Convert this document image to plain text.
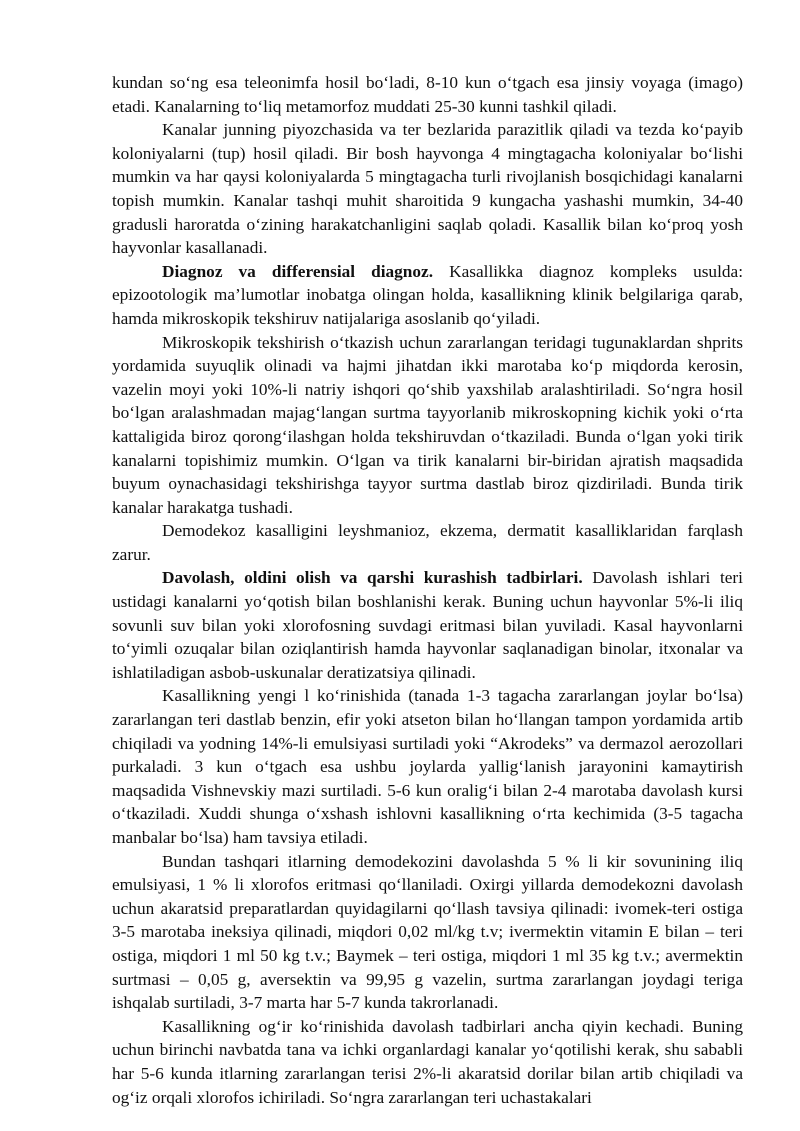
kundan so‘ng esa teleonimfa hosil bo‘ladi, 8-10 kun o‘tgach esa jinsiy voyaga (imago) etadi. Kanalarning to‘liq metamorfoz muddati 25-30 kunni tashkil qiladi.

Kanalar junning piyozchasida va ter bezlarida parazitlik qiladi va tezda ko‘payib koloniyalarni (tup) hosil qiladi. Bir bosh hayvonga 4 mingtagacha koloniyalar bo‘lishi mumkin va har qaysi koloniyalarda 5 mingtagacha turli rivojlanish bosqichidagi kanalarni topish mumkin. Kanalar tashqi muhit sharoitida 9 kungacha yashashi mumkin, 34-40 gradusli haroratda o‘zining harakatchanligini saqlab qoladi. Kasallik bilan ko‘proq yosh hayvonlar kasallanadi.

Diagnoz va differensial diagnoz. Kasallikka diagnoz kompleks usulda: epizootologik ma’lumotlar inobatga olingan holda, kasallikning klinik belgilariga qarab, hamda mikroskopik tekshiruv natijalariga asoslanib qo‘yiladi.

Mikroskopik tekshirish o‘tkazish uchun zararlangan teridagi tugunaklardan shprits yordamida suyuqlik olinadi va hajmi jihatdan ikki marotaba ko‘p miqdorda kerosin, vazelin moyi yoki 10%-li natriy ishqori qo‘shib yaxshilab aralashtiriladi. So‘ngra hosil bo‘lgan aralashmadan majag‘langan surtma tayyorlanib mikroskopning kichik yoki o‘rta kattaligida biroz qorong‘ilashgan holda tekshiruvdan o‘tkaziladi. Bunda o‘lgan yoki tirik kanalarni topishimiz mumkin. O‘lgan va tirik kanalarni bir-biridan ajratish maqsadida buyum oynachasidagi tekshirishga tayyor surtma dastlab biroz qizdiriladi. Bunda tirik kanalar harakatga tushadi.

Demodekoz kasalligini leyshmanioz, ekzema, dermatit kasalliklaridan farqlash zarur.

Davolash, oldini olish va qarshi kurashish tadbirlari. Davolash ishlari teri ustidagi kanalarni yo‘qotish bilan boshlanishi kerak. Buning uchun hayvonlar 5%-li iliq sovunli suv bilan yoki xlorofosning suvdagi eritmasi bilan yuviladi. Kasal hayvonlarni to‘yimli ozuqalar bilan oziqlantirish hamda hayvonlar saqlanadigan binolar, itxonalar va ishlatiladigan asbob-uskunalar deratizatsiya qilinadi.

Kasallikning yengi l ko‘rinishida (tanada 1-3 tagacha zararlangan joylar bo‘lsa) zararlangan teri dastlab benzin, efir yoki atseton bilan ho‘llangan tampon yordamida artib chiqiladi va yodning 14%-li emulsiyasi surtiladi yoki “Akrodeks” va dermazol aerozollari purkaladi. 3 kun o‘tgach esa ushbu joylarda yallig‘lanish jarayonini kamaytirish maqsadida Vishnevskiy mazi surtiladi. 5-6 kun oralig‘i bilan 2-4 marotaba davolash kursi o‘tkaziladi. Xuddi shunga o‘xshash ishlovni kasallikning o‘rta kechimida (3-5 tagacha manbalar bo‘lsa) ham tavsiya etiladi.

Bundan tashqari itlarning demodekozini davolashda 5 % li kir sovunining iliq emulsiyasi, 1 % li xlorofos eritmasi qo‘llaniladi. Oxirgi yillarda demodekozni davolash uchun akaratsid preparatlardan quyidagilarni qo‘llash tavsiya qilinadi: ivomek-teri ostiga 3-5 marotaba ineksiya qilinadi, miqdori 0,02 ml/kg t.v; ivermektin vitamin E bilan – teri ostiga, miqdori 1 ml 50 kg t.v.; Baymek – teri ostiga, miqdori 1 ml 35 kg t.v.; avermektin surtmasi – 0,05 g, aversektin va 99,95 g vazelin, surtma zararlangan joydagi teriga ishqalab surtiladi, 3-7 marta har 5-7 kunda takrorlanadi.

Kasallikning og‘ir ko‘rinishida davolash tadbirlari ancha qiyin kechadi. Buning uchun birinchi navbatda tana va ichki organlardagi kanalar yo‘qotilishi kerak, shu sababli har 5-6 kunda itlarning zararlangan terisi 2%-li akaratsid dorilar bilan artib chiqiladi va og‘iz orqali xlorofos ichiriladi. So‘ngra zararlangan teri uchastakalari
